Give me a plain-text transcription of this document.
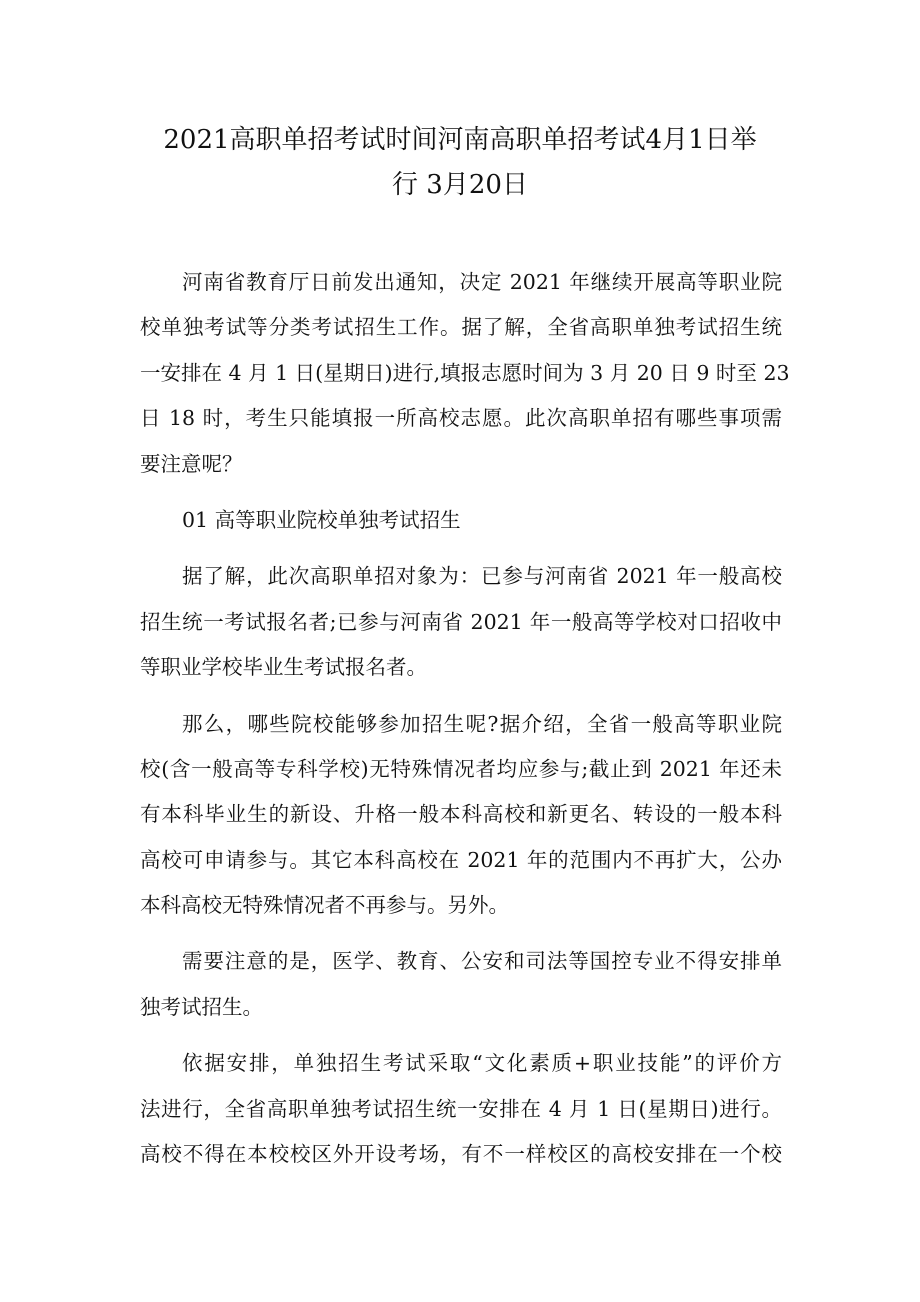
2021高职单招考试时间河南高职单招考试4月1日举
行 3月20日
河南省教育厅日前发出通知，决定 2021 年继续开展高等职业院
校单独考试等分类考试招生工作。据了解，全省高职单独考试招生统
一安排在 4 月 1 日(星期日)进行,填报志愿时间为 3 月 20 日 9 时至 23
日 18 时，考生只能填报一所高校志愿。此次高职单招有哪些事项需
要注意呢？
01 高等职业院校单独考试招生
据了解，此次高职单招对象为：已参与河南省 2021 年一般高校
招生统一考试报名者;已参与河南省 2021 年一般高等学校对口招收中
等职业学校毕业生考试报名者。
那么，哪些院校能够参加招生呢?据介绍，全省一般高等职业院
校(含一般高等专科学校)无特殊情况者均应参与;截止到 2021 年还未
有本科毕业生的新设、升格一般本科高校和新更名、转设的一般本科
高校可申请参与。其它本科高校在 2021 年的范围内不再扩大，公办
本科高校无特殊情况者不再参与。另外。
需要注意的是，医学、教育、公安和司法等国控专业不得安排单
独考试招生。
依据安排，单独招生考试采取“文化素质+职业技能”的评价方
法进行，全省高职单独考试招生统一安排在 4 月 1 日(星期日)进行。
高校不得在本校校区外开设考场，有不一样校区的高校安排在一个校
